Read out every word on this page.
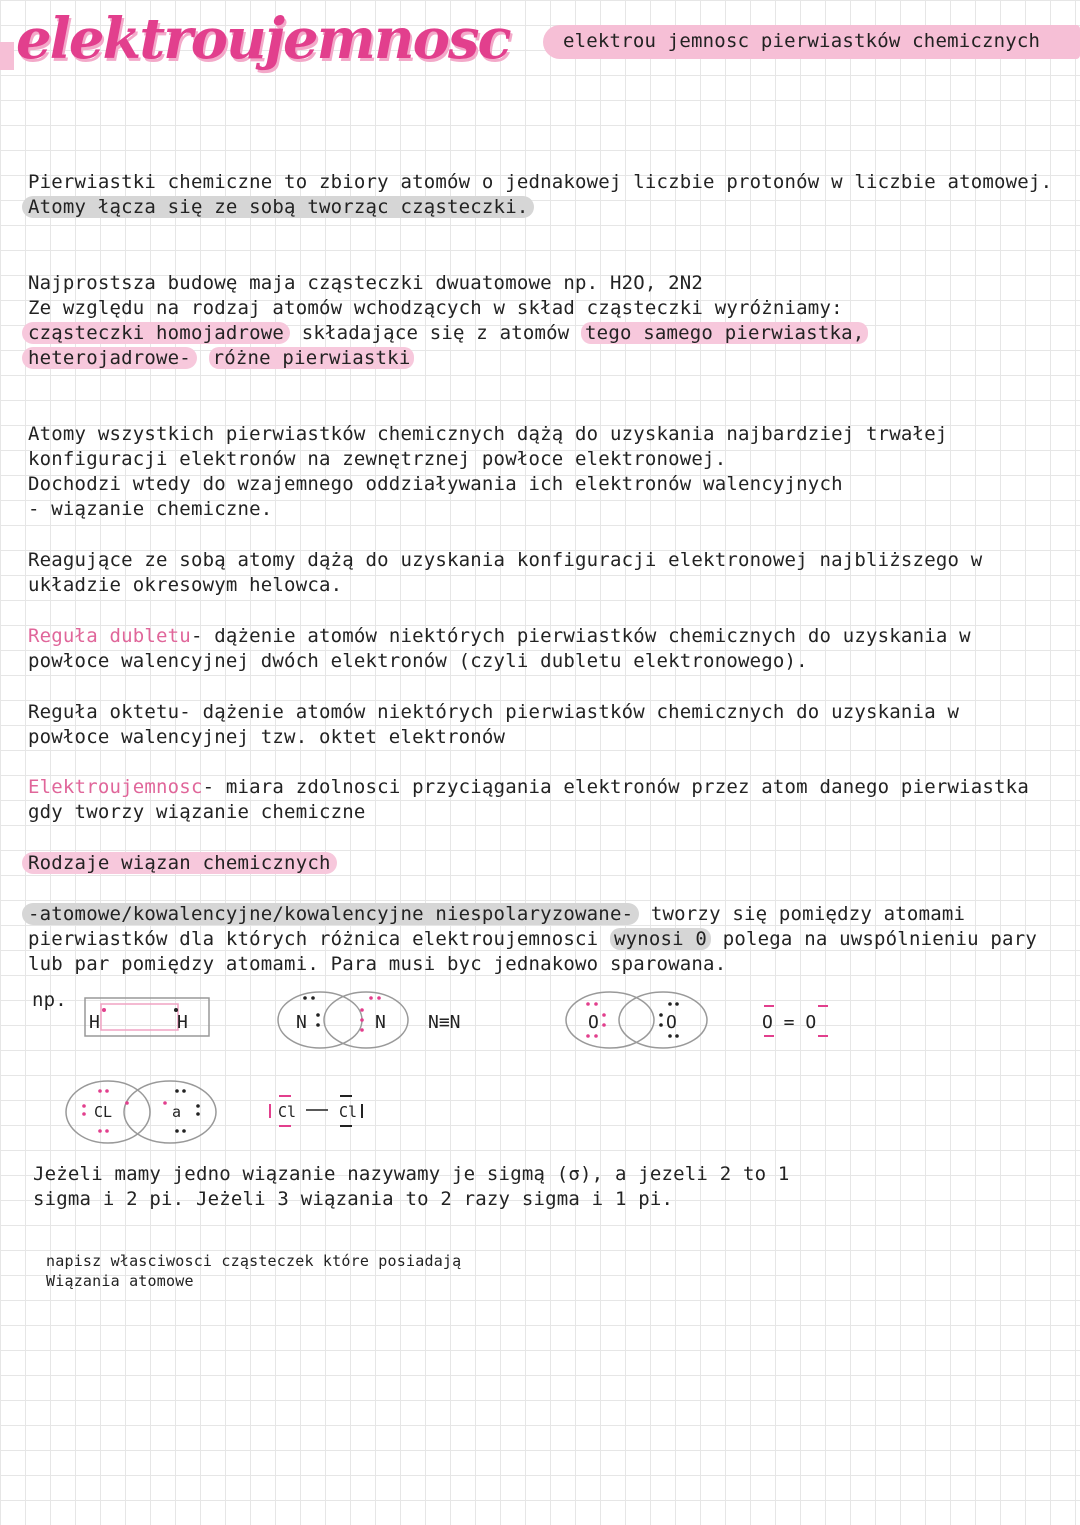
elektroujemnosc	elektrou jemnosc pierwiastków chemicznych
Pierwiastki chemiczne to zbiory atomów o jednakowej liczbie protonów w liczbie atomowej.
Atomy łącza się ze sobą tworząc cząsteczki.
Najprostsza budowę maja cząsteczki dwuatomowe np. H2O, 2N2
Ze względu na rodzaj atomów wchodzących w skład cząsteczki wyróżniamy:
cząsteczki homojadrowe składające się z atomów tego samego pierwiastka,
heterojadrowe- różne pierwiastki
Atomy wszystkich pierwiastków chemicznych dążą do uzyskania najbardziej trwałej
konfiguracji elektronów na zewnętrznej powłoce elektronowej.
Dochodzi wtedy do wzajemnego oddziaływania ich elektronów walencyjnych
- wiązanie chemiczne.
Reagujące ze sobą atomy dążą do uzyskania konfiguracji elektronowej najbliższego w
układzie okresowym helowca.
Reguła dubletu- dążenie atomów niektórych pierwiastków chemicznych do uzyskania w
powłoce walencyjnej dwóch elektronów (czyli dubletu elektronowego).
Reguła oktetu- dążenie atomów niektórych pierwiastków chemicznych do uzyskania w
powłoce walencyjnej tzw. oktet elektronów
Elektroujemnosc- miara zdolnosci przyciągania elektronów przez atom danego pierwiastka
gdy tworzy wiązanie chemiczne
Rodzaje wiązan chemicznych
-atomowe/kowalencyjne/kowalencyjne niespolaryzowane- tworzy się pomiędzy atomami
pierwiastków dla których różnica elektroujemnosci wynosi 0 polega na uwspólnieniu pary
lub par pomiędzy atomami. Para musi byc jednakowo sparowana.
np.
H	H	N	N N≡N	O	O	O = O
CL	a	Cl	Cl
Jeżeli mamy jedno wiązanie nazywamy je sigmą (σ), a jezeli 2 to 1
sigma i 2 pi. Jeżeli 3 wiązania to 2 razy sigma i 1 pi.
napisz własciwosci cząsteczek które posiadają
Wiązania atomowe
